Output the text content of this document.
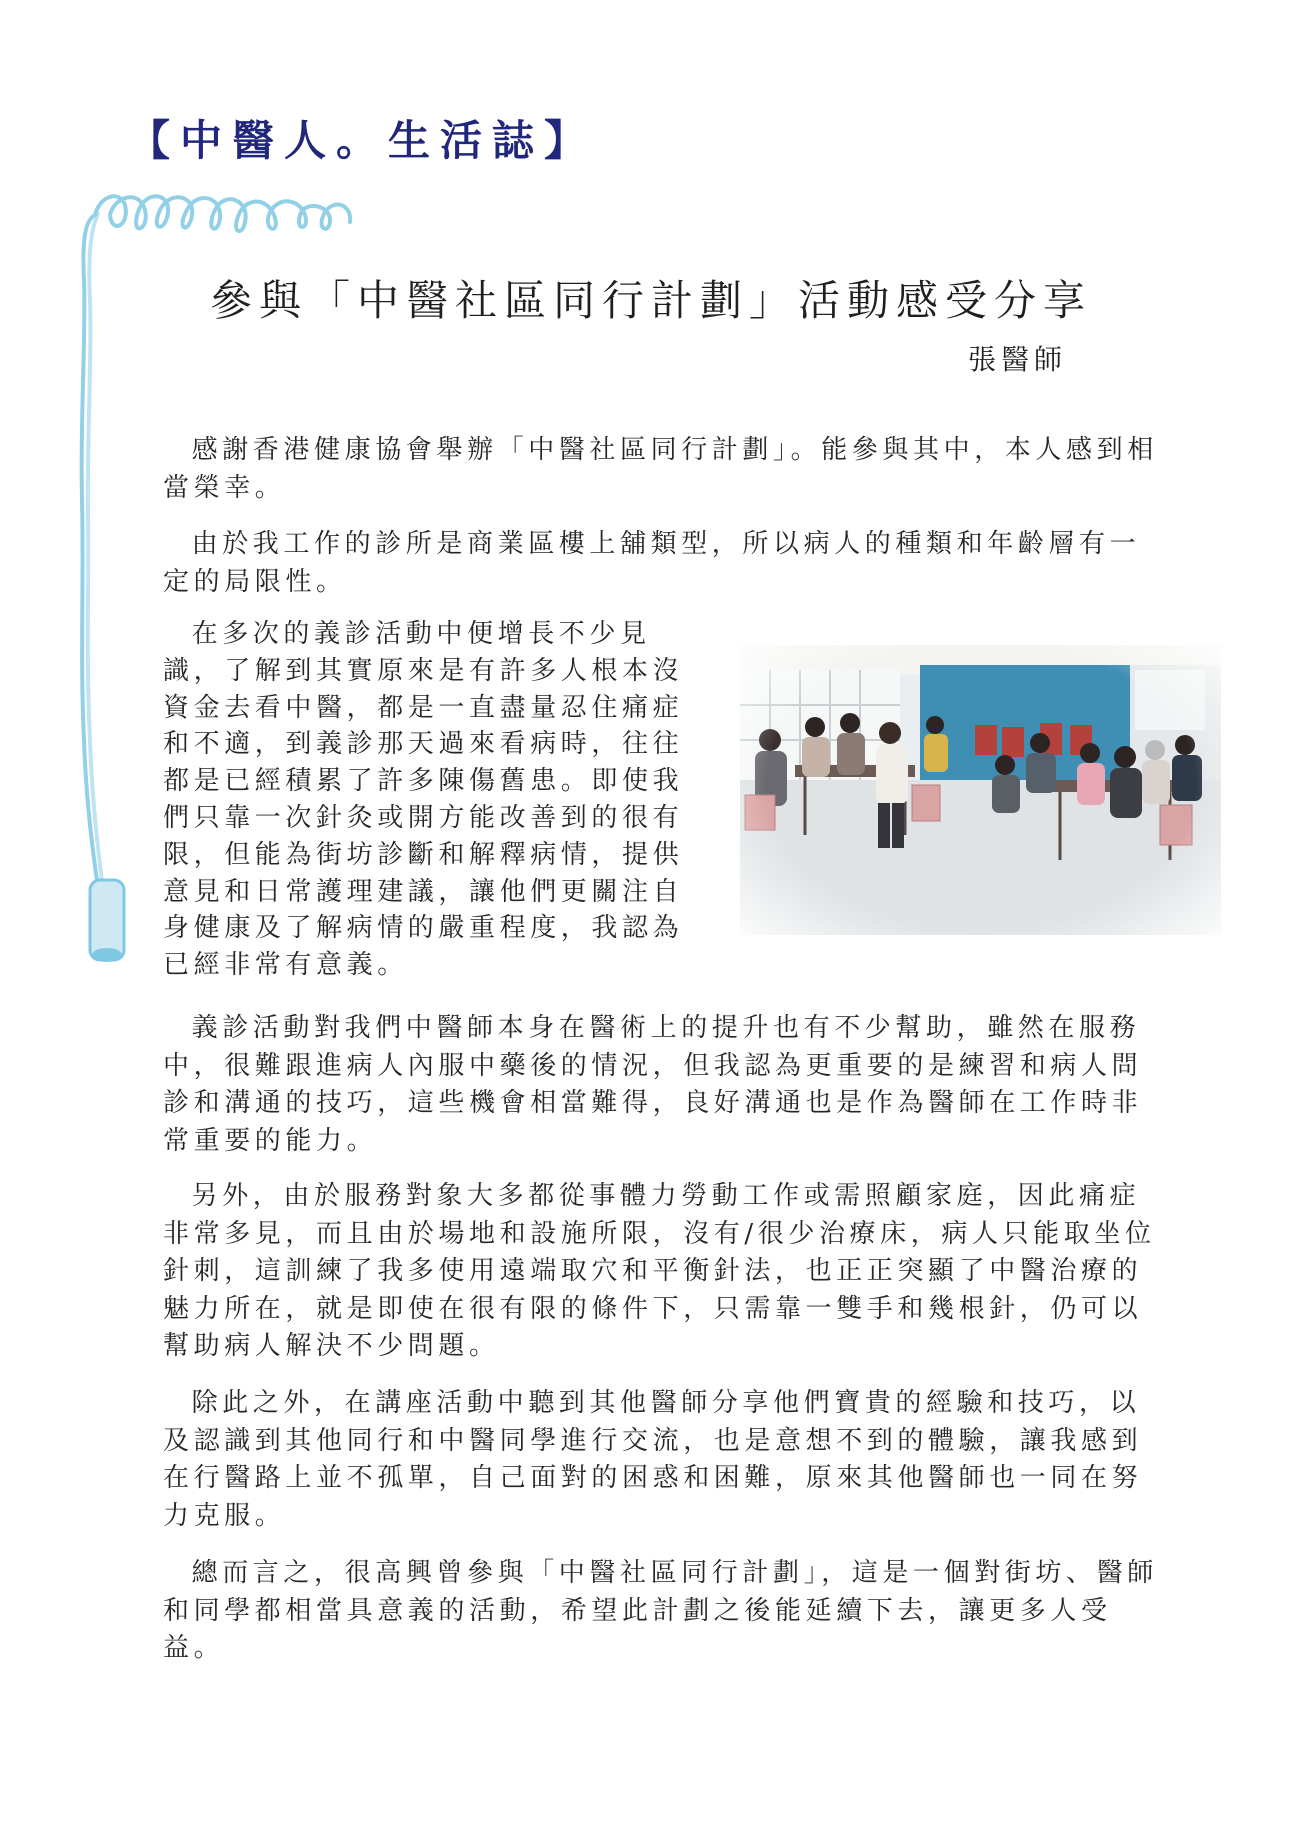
【中醫人。生活誌】
參與「中醫社區同行計劃」活動感受分享
張醫師

感謝香港健康協會舉辦「中醫社區同行計劃」。能參與其中，本人感到相當榮幸。

由於我工作的診所是商業區樓上舖類型，所以病人的種類和年齡層有一定的局限性。

在多次的義診活動中便增長不少見識，了解到其實原來是有許多人根本沒資金去看中醫，都是一直盡量忍住痛症和不適，到義診那天過來看病時，往往都是已經積累了許多陳傷舊患。即使我們只靠一次針灸或開方能改善到的很有限，但能為街坊診斷和解釋病情，提供意見和日常護理建議，讓他們更關注自身健康及了解病情的嚴重程度，我認為已經非常有意義。

義診活動對我們中醫師本身在醫術上的提升也有不少幫助，雖然在服務中，很難跟進病人內服中藥後的情況，但我認為更重要的是練習和病人問診和溝通的技巧，這些機會相當難得，良好溝通也是作為醫師在工作時非常重要的能力。

另外，由於服務對象大多都從事體力勞動工作或需照顧家庭，因此痛症非常多見，而且由於場地和設施所限，沒有/很少治療床，病人只能取坐位針刺，這訓練了我多使用遠端取穴和平衡針法，也正正突顯了中醫治療的魅力所在，就是即使在很有限的條件下，只需靠一雙手和幾根針，仍可以幫助病人解決不少問題。

除此之外，在講座活動中聽到其他醫師分享他們寶貴的經驗和技巧，以及認識到其他同行和中醫同學進行交流，也是意想不到的體驗，讓我感到在行醫路上並不孤單，自己面對的困惑和困難，原來其他醫師也一同在努力克服。

總而言之，很高興曾參與「中醫社區同行計劃」，這是一個對街坊、醫師和同學都相當具意義的活動，希望此計劃之後能延續下去，讓更多人受益。
